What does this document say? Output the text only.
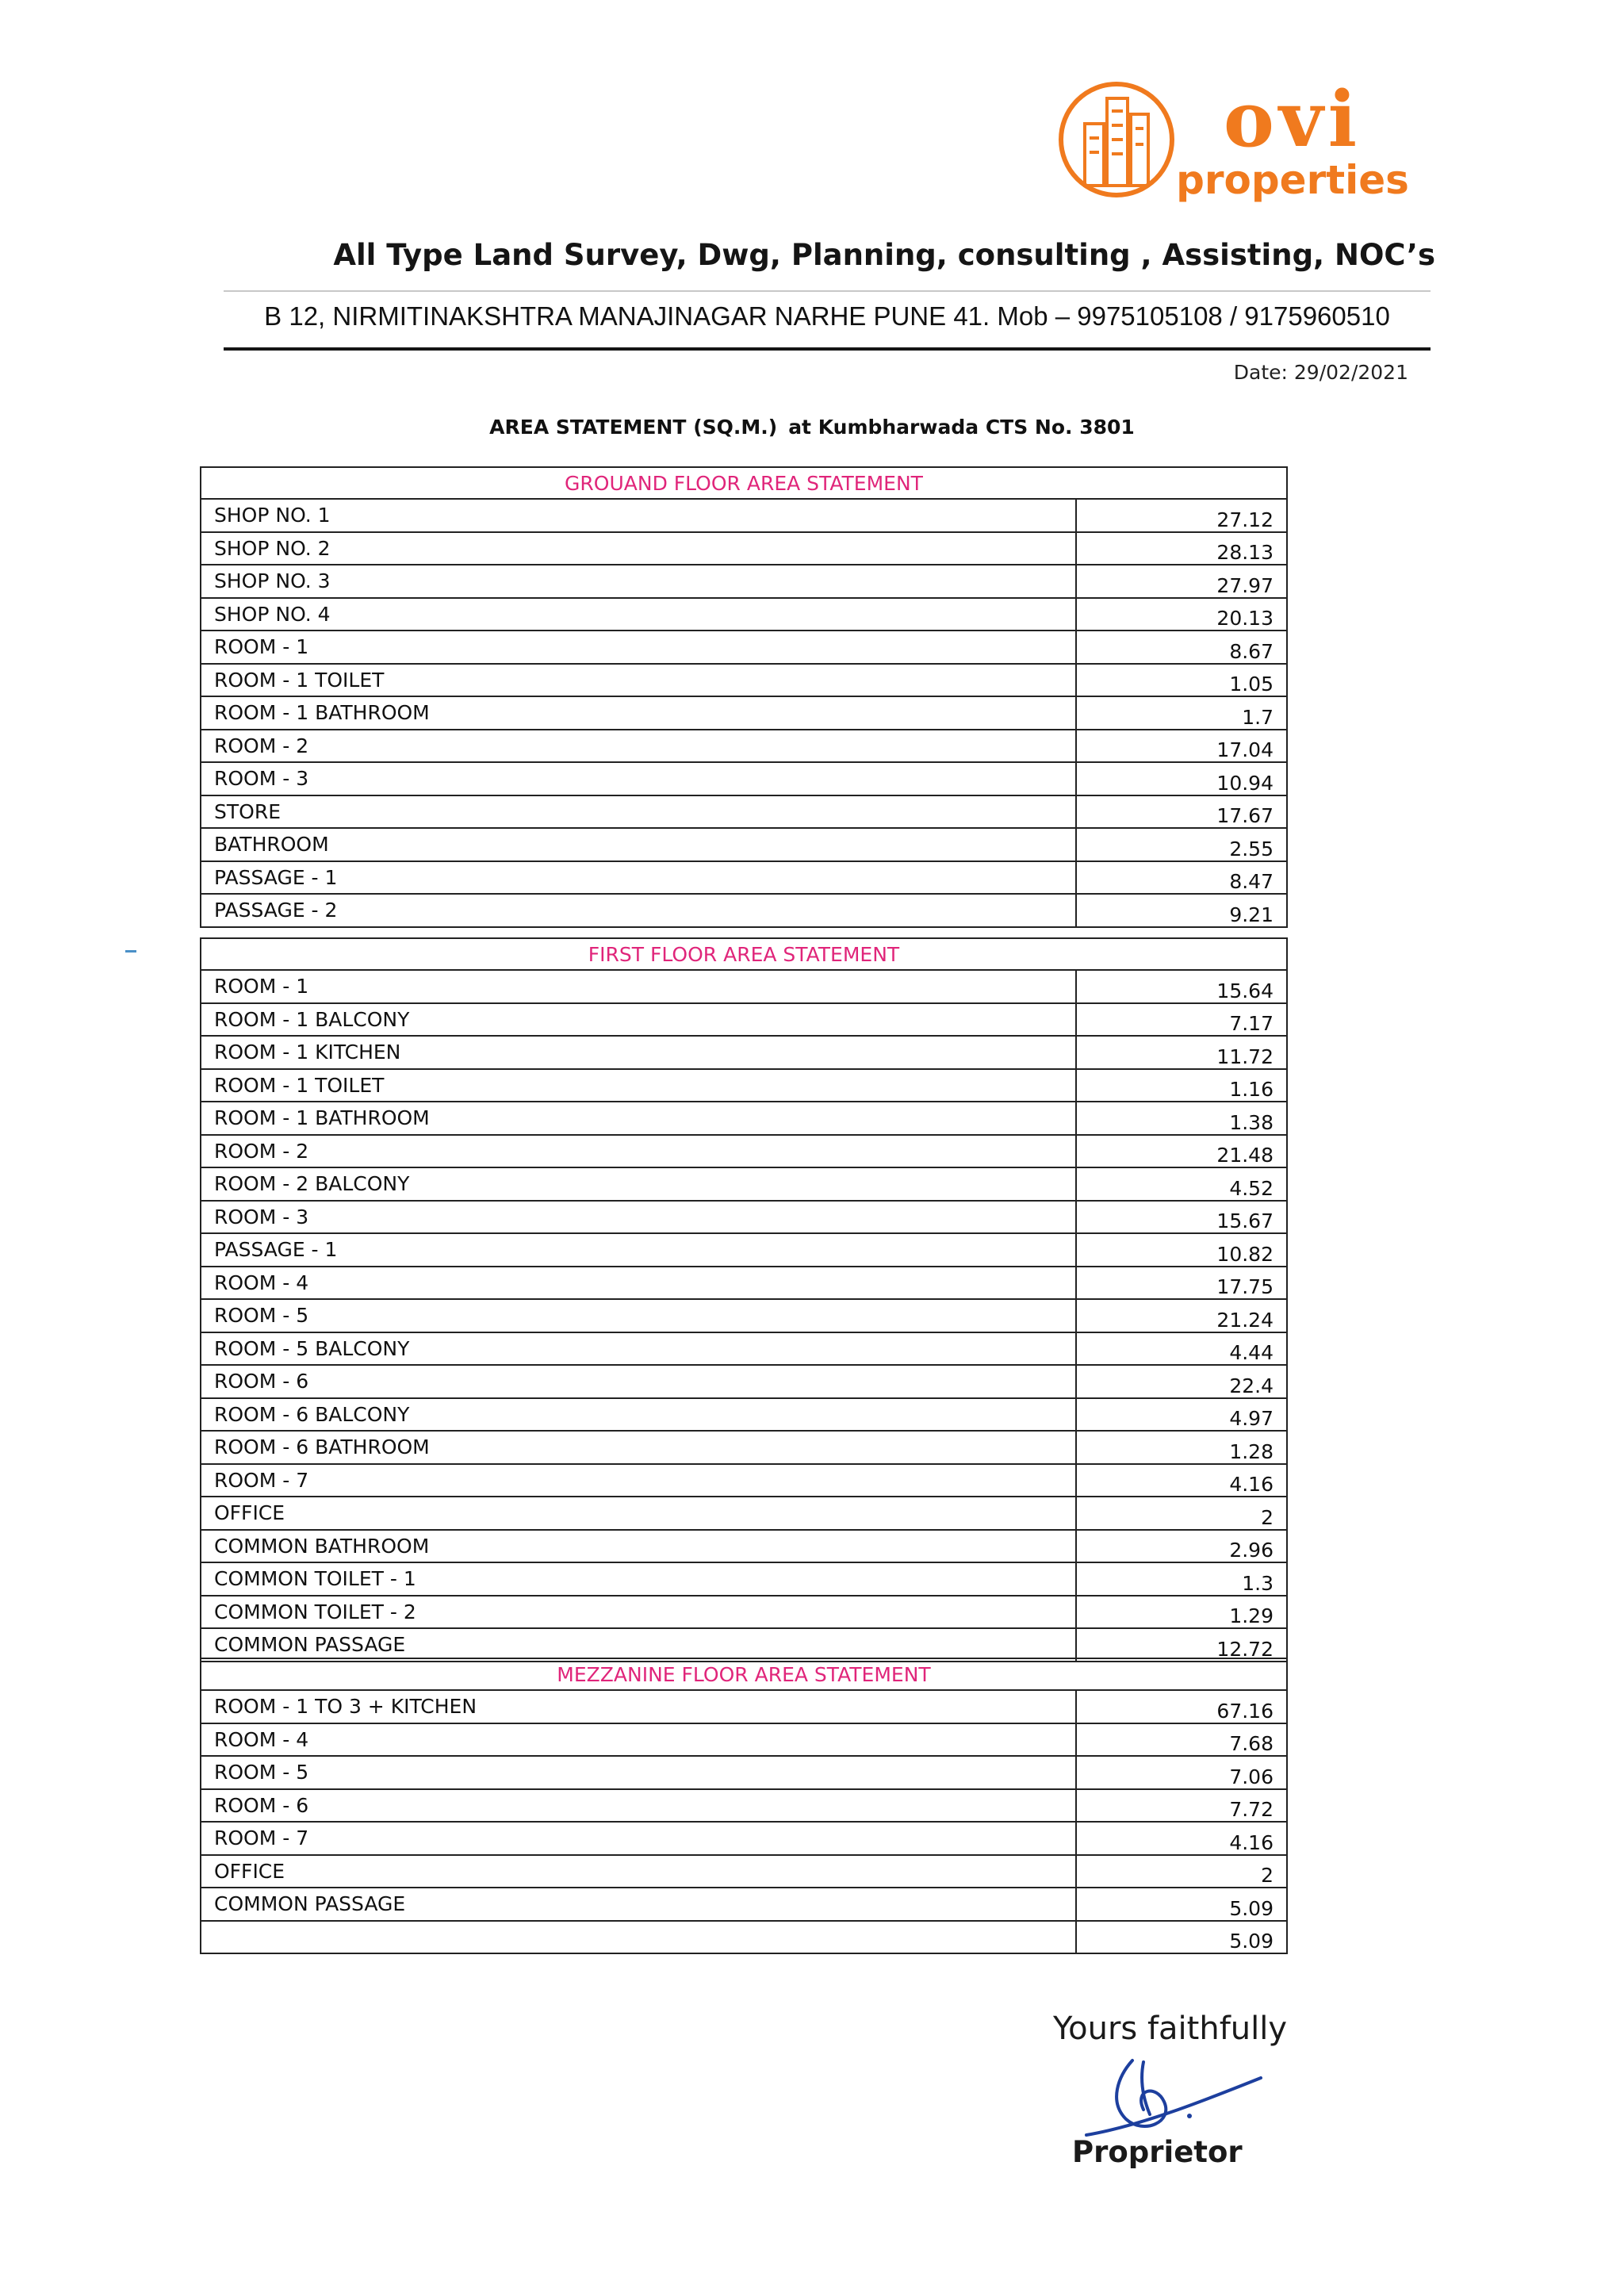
ovi
properties
All Type Land Survey, Dwg, Planning, consulting , Assisting, NOC’s
B 12, NIRMITINAKSHTRA MANAJINAGAR NARHE PUNE 41. Mob – 9975105108 / 9175960510
Date: 29/02/2021
AREA STATEMENT (SQ.M.) at Kumbharwada CTS No. 3801
GROUAND FLOOR AREA STATEMENT	
SHOP NO. 1	27.12
SHOP NO. 2	28.13
SHOP NO. 3	27.97
SHOP NO. 4	20.13
ROOM - 1	8.67
ROOM - 1 TOILET	1.05
ROOM - 1 BATHROOM	1.7
ROOM - 2	17.04
ROOM - 3	10.94
STORE	17.67
BATHROOM	2.55
PASSAGE - 1	8.47
PASSAGE - 2	9.21
FIRST FLOOR AREA STATEMENT	
ROOM - 1	15.64
ROOM - 1 BALCONY	7.17
ROOM - 1 KITCHEN	11.72
ROOM - 1 TOILET	1.16
ROOM - 1 BATHROOM	1.38
ROOM - 2	21.48
ROOM - 2 BALCONY	4.52
ROOM - 3	15.67
PASSAGE - 1	10.82
ROOM - 4	17.75
ROOM - 5	21.24
ROOM - 5 BALCONY	4.44
ROOM - 6	22.4
ROOM - 6 BALCONY	4.97
ROOM - 6 BATHROOM	1.28
ROOM - 7	4.16
OFFICE	2
COMMON BATHROOM	2.96
COMMON TOILET - 1	1.3
COMMON TOILET - 2	1.29
COMMON PASSAGE	12.72
MEZZANINE FLOOR AREA STATEMENT	
ROOM - 1 TO 3 + KITCHEN	67.16
ROOM - 4	7.68
ROOM - 5	7.06
ROOM - 6	7.72
ROOM - 7	4.16
OFFICE	2
COMMON PASSAGE	5.09
	5.09
Yours faithfully
Proprietor
